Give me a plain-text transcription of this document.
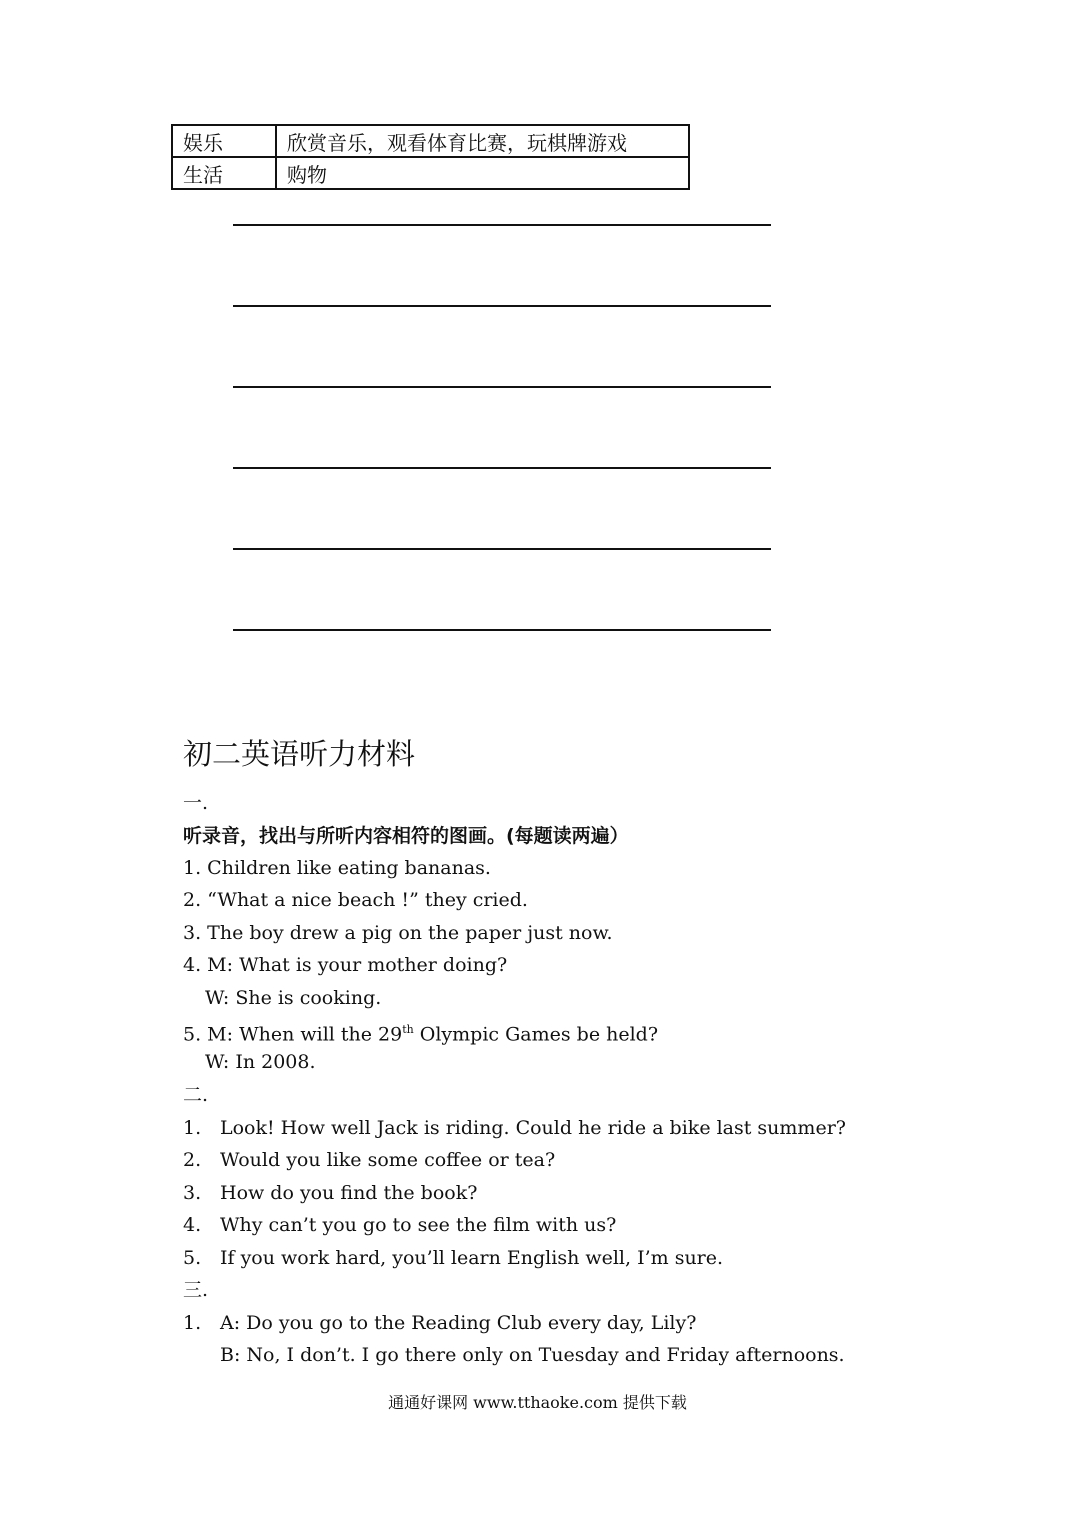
娱乐	欣赏音乐，观看体育比赛，玩棋牌游戏
生活	购物
初二英语听力材料
一.
听录音，找出与所听内容相符的图画。(每题读两遍）
1. Children like eating bananas.
2. “What a nice beach !” they cried.
3. The boy drew a pig on the paper just now.
4. M: What is your mother doing?
W: She is cooking.
5. M: When will the 29th Olympic Games be held?
W: In 2008.
二.
1. Look! How well Jack is riding. Could he ride a bike last summer?
2. Would you like some coffee or tea?
3. How do you find the book?
4. Why can’t you go to see the film with us?
5. If you work hard, you’ll learn English well, I’m sure.
三.
1. A: Do you go to the Reading Club every day, Lily?
B: No, I don’t. I go there only on Tuesday and Friday afternoons.
通通好课网 www.tthaoke.com 提供下载
